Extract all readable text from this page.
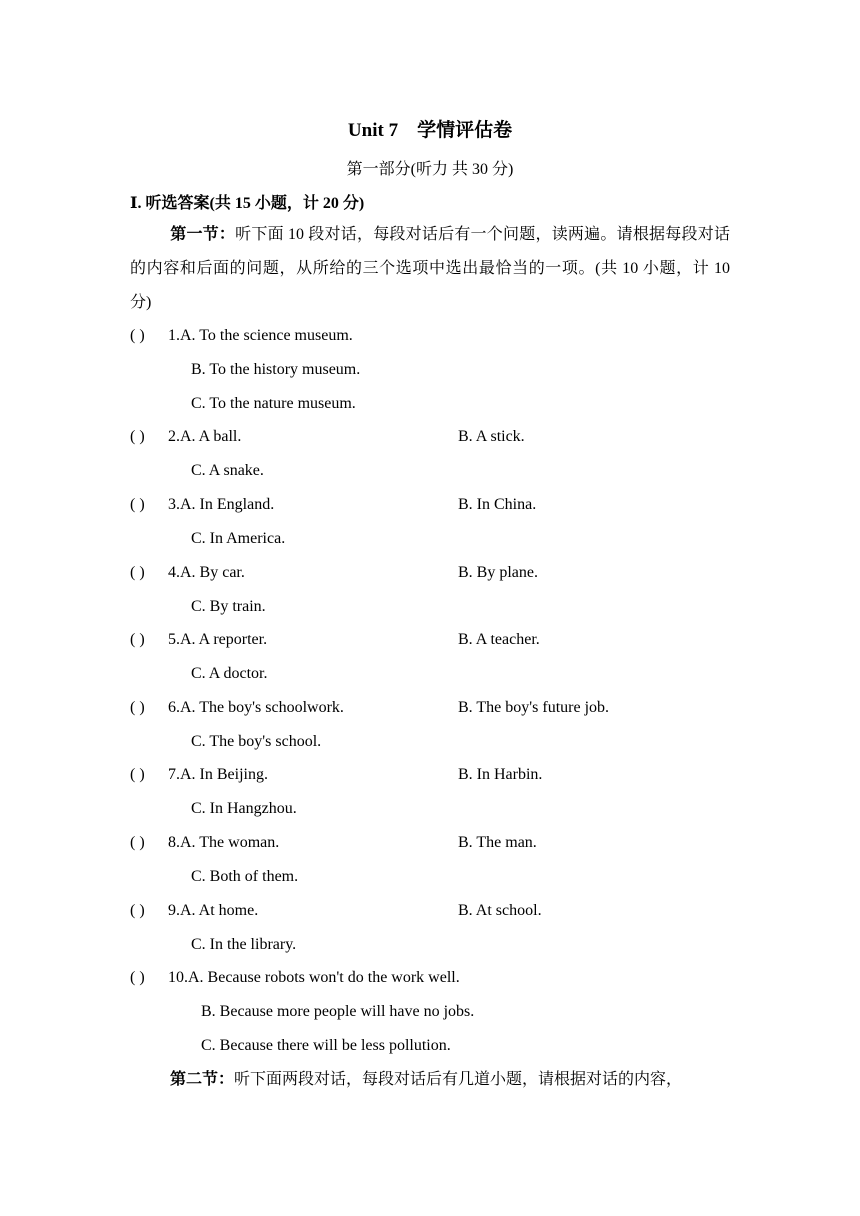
Unit 7　学情评估卷
第一部分(听力 共 30 分)
Ⅰ. 听选答案(共 15 小题，计 20 分)
第一节：听下面 10 段对话，每段对话后有一个问题，读两遍。请根据每段对话的内容和后面的问题，从所给的三个选项中选出最恰当的一项。(共 10 小题，计 10 分)
( ) 1.A. To the science museum.
B. To the history museum.
C. To the nature museum.
( ) 2.A. A ball.	B. A stick.
C. A snake.
( ) 3.A. In England.	B. In China.
C. In America.
( ) 4.A. By car.	B. By plane.
C. By train.
( ) 5.A. A reporter.	B. A teacher.
C. A doctor.
( ) 6.A. The boy's schoolwork.	B. The boy's future job.
C. The boy's school.
( ) 7.A. In Beijing.	B. In Harbin.
C. In Hangzhou.
( ) 8.A. The woman.	B. The man.
C. Both of them.
( ) 9.A. At home.	B. At school.
C. In the library.
( ) 10.A. Because robots won't do the work well.
B. Because more people will have no jobs.
C. Because there will be less pollution.
第二节：听下面两段对话，每段对话后有几道小题，请根据对话的内容，
